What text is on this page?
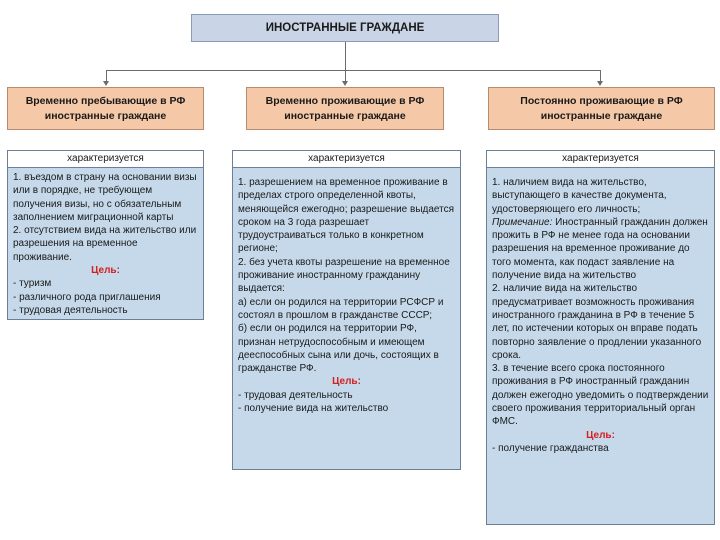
ИНОСТРАННЫЕ ГРАЖДАНЕ
Временно пребывающие в РФ иностранные граждане
Временно проживающие в РФ иностранные граждане
Постоянно проживающие в РФ иностранные граждане
характеризуется

1. въездом в страну на основании визы или в порядке, не требующем получения визы, но с обязательным заполнением миграционной карты

2. отсутствием вида на жительство или разрешения на временное проживание.

Цель:

- туризм

- различного рода приглашения

- трудовая деятельность

характеризуется

1. разрешением на временное проживание в пределах строго определенной квоты, меняющейся ежегодно; разрешение выдается сроком на 3 года разрешает трудоустраиваться только в конкретном регионе;

2. без учета квоты разрешение на временное проживание иностранному гражданину выдается:

а) если он родился на территории РСФСР и состоял в прошлом в гражданстве СССР;

б) если он родился на территории РФ, признан нетрудоспособным и имеющем дееспособных сына или дочь, состоящих в гражданстве РФ.

Цель:

- трудовая деятельность

- получение вида на жительство

характеризуется

1. наличием вида на жительство, выступающего в качестве документа, удостоверяющего его личность;

Примечание: Иностранный гражданин должен прожить в РФ не менее года на основании разрешения на временное проживание до того момента, как подаст заявление на получение вида на жительство

2. наличие вида на жительство предусматривает возможность проживания иностранного гражданина в РФ в течение 5 лет, по истечении которых он вправе подать повторно заявление о продлении указанного срока.

3. в течение всего срока постоянного проживания в РФ иностранный гражданин должен ежегодно уведомить о подтверждении своего проживания территориальный орган ФМС.

Цель:

- получение гражданства
